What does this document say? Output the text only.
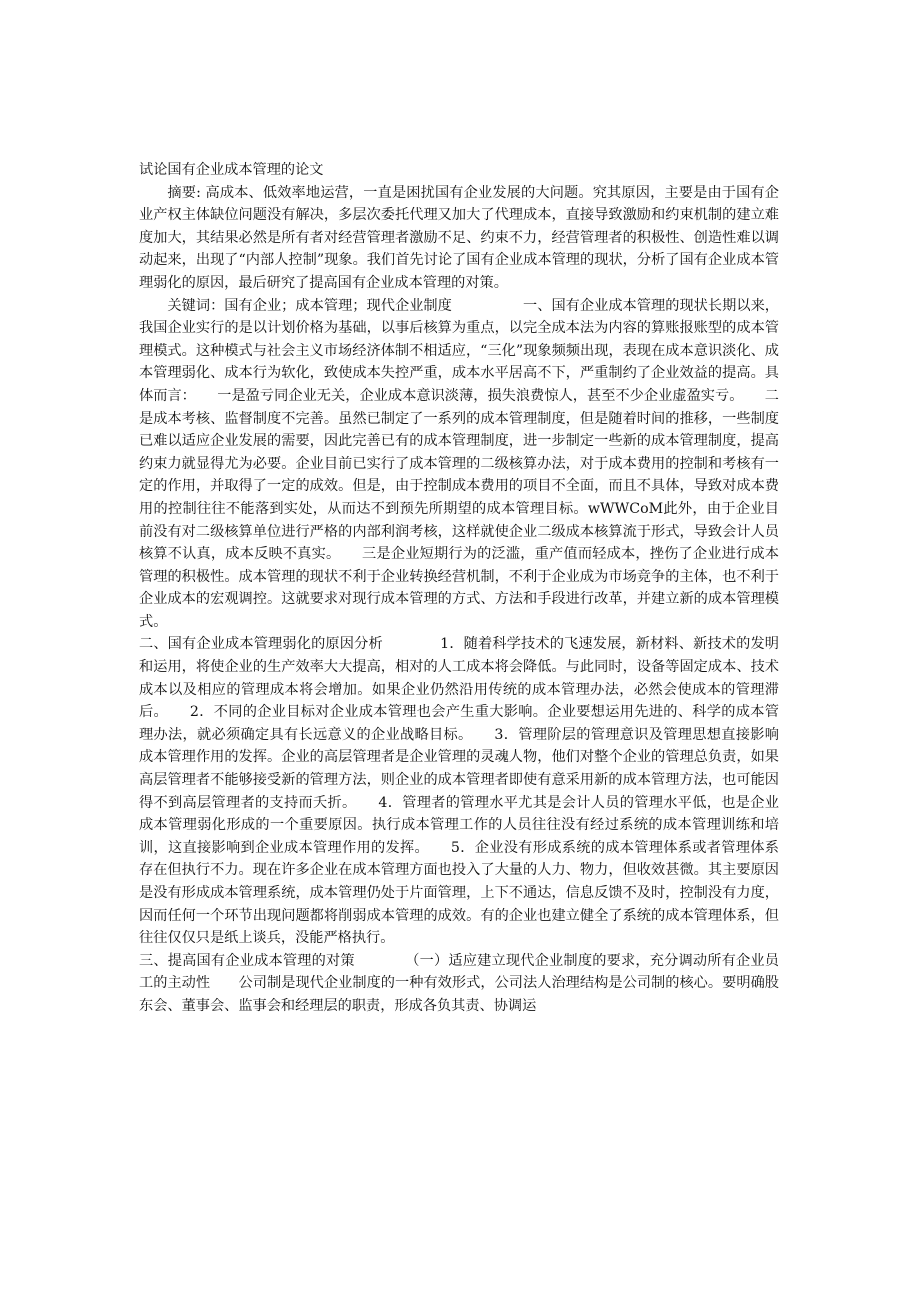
试论国有企业成本管理的论文

摘要: 高成本、低效率地运营，一直是困扰国有企业发展的大问题。究其原因，主要是由于国有企业产权主体缺位问题没有解决，多层次委托代理又加大了代理成本，直接导致激励和约束机制的建立难度加大，其结果必然是所有者对经营管理者激励不足、约束不力，经营管理者的积极性、创造性难以调动起来，出现了“内部人控制”现象。我们首先讨论了国有企业成本管理的现状，分析了国有企业成本管理弱化的原因，最后研究了提高国有企业成本管理的对策。

关键词：国有企业；成本管理；现代企业制度　　　　　一、国有企业成本管理的现状长期以来，我国企业实行的是以计划价格为基础，以事后核算为重点，以完全成本法为内容的算账报账型的成本管理模式。这种模式与社会主义市场经济体制不相适应，“三化”现象频频出现，表现在成本意识淡化、成本管理弱化、成本行为软化，致使成本失控严重，成本水平居高不下，严重制约了企业效益的提高。具体而言：　　一是盈亏同企业无关，企业成本意识淡薄，损失浪费惊人，甚至不少企业虚盈实亏。　　二是成本考核、监督制度不完善。虽然已制定了一系列的成本管理制度，但是随着时间的推移，一些制度已难以适应企业发展的需要，因此完善已有的成本管理制度，进一步制定一些新的成本管理制度，提高约束力就显得尤为必要。企业目前已实行了成本管理的二级核算办法，对于成本费用的控制和考核有一定的作用，并取得了一定的成效。但是，由于控制成本费用的项目不全面，而且不具体，导致对成本费用的控制往往不能落到实处，从而达不到预先所期望的成本管理目标。wWWCoM此外，由于企业目前没有对二级核算单位进行严格的内部利润考核，这样就使企业二级成本核算流于形式，导致会计人员核算不认真，成本反映不真实。　　三是企业短期行为的泛滥，重产值而轻成本，挫伤了企业进行成本管理的积极性。成本管理的现状不利于企业转换经营机制，不利于企业成为市场竞争的主体，也不利于企业成本的宏观调控。这就要求对现行成本管理的方式、方法和手段进行改革，并建立新的成本管理模式。

二、国有企业成本管理弱化的原因分析　　　　1．随着科学技术的飞速发展，新材料、新技术的发明和运用，将使企业的生产效率大大提高，相对的人工成本将会降低。与此同时，设备等固定成本、技术成本以及相应的管理成本将会增加。如果企业仍然沿用传统的成本管理办法，必然会使成本的管理滞后。　　2．不同的企业目标对企业成本管理也会产生重大影响。企业要想运用先进的、科学的成本管理办法，就必须确定具有长远意义的企业战略目标。　　3．管理阶层的管理意识及管理思想直接影响成本管理作用的发挥。企业的高层管理者是企业管理的灵魂人物，他们对整个企业的管理总负责，如果高层管理者不能够接受新的管理方法，则企业的成本管理者即使有意采用新的成本管理方法，也可能因得不到高层管理者的支持而夭折。　　4．管理者的管理水平尤其是会计人员的管理水平低，也是企业成本管理弱化形成的一个重要原因。执行成本管理工作的人员往往没有经过系统的成本管理训练和培训，这直接影响到企业成本管理作用的发挥。　　5．企业没有形成系统的成本管理体系或者管理体系存在但执行不力。现在许多企业在成本管理方面也投入了大量的人力、物力，但收效甚微。其主要原因是没有形成成本管理系统，成本管理仍处于片面管理，上下不通达，信息反馈不及时，控制没有力度，因而任何一个环节出现问题都将削弱成本管理的成效。有的企业也建立健全了系统的成本管理体系，但往往仅仅只是纸上谈兵，没能严格执行。

三、提高国有企业成本管理的对策　　　　（一）适应建立现代企业制度的要求，充分调动所有企业员工的主动性　　公司制是现代企业制度的一种有效形式，公司法人治理结构是公司制的核心。要明确股东会、董事会、监事会和经理层的职责，形成各负其责、协调运
